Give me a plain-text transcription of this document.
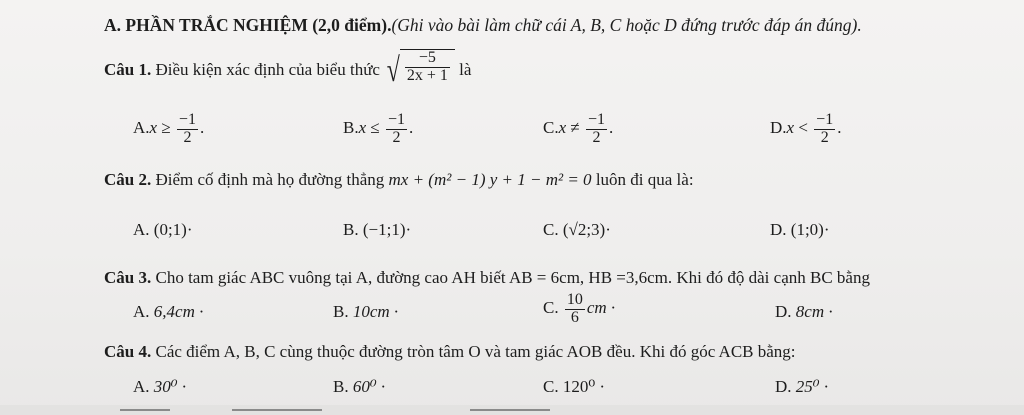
A. PHẦN TRẮC NGHIỆM (2,0 điểm).(Ghi vào bài làm chữ cái A, B, C hoặc D đứng trước đáp án đúng).
Câu 1. Điều kiện xác định của biểu thức √ $\frac{-5}{2x + 1}$ là
$A.x \ge \frac{-1}{2}$ .	$B.x \le \frac{-1}{2}$ .	$C.x \ne \frac{-1}{2}$ .	$D.x < \frac{-1}{2}$ .
Câu 2. Điểm cố định mà họ đường thẳng mx + (m² − 1) y + 1 − m² = 0 luôn đi qua là:
A. (0;1)·	B. (−1;1)·	C. (√2;3)·	D. (1;0)·
Câu 3. Cho tam giác ABC vuông tại A, đường cao AH biết AB = 6cm, HB =3,6cm. Khi đó độ dài cạnh BC bằng
A. 6,4cm ·	B. 10cm ·	C. $\frac{10}{6}$ cm ·	D. 8cm ·
Câu 4. Các điểm A, B, C cùng thuộc đường tròn tâm O và tam giác AOB đều. Khi đó góc ACB bằng:
A. 30⁰ ·	B. 60⁰ ·	C. 120⁰ ·	D. 25⁰ ·
